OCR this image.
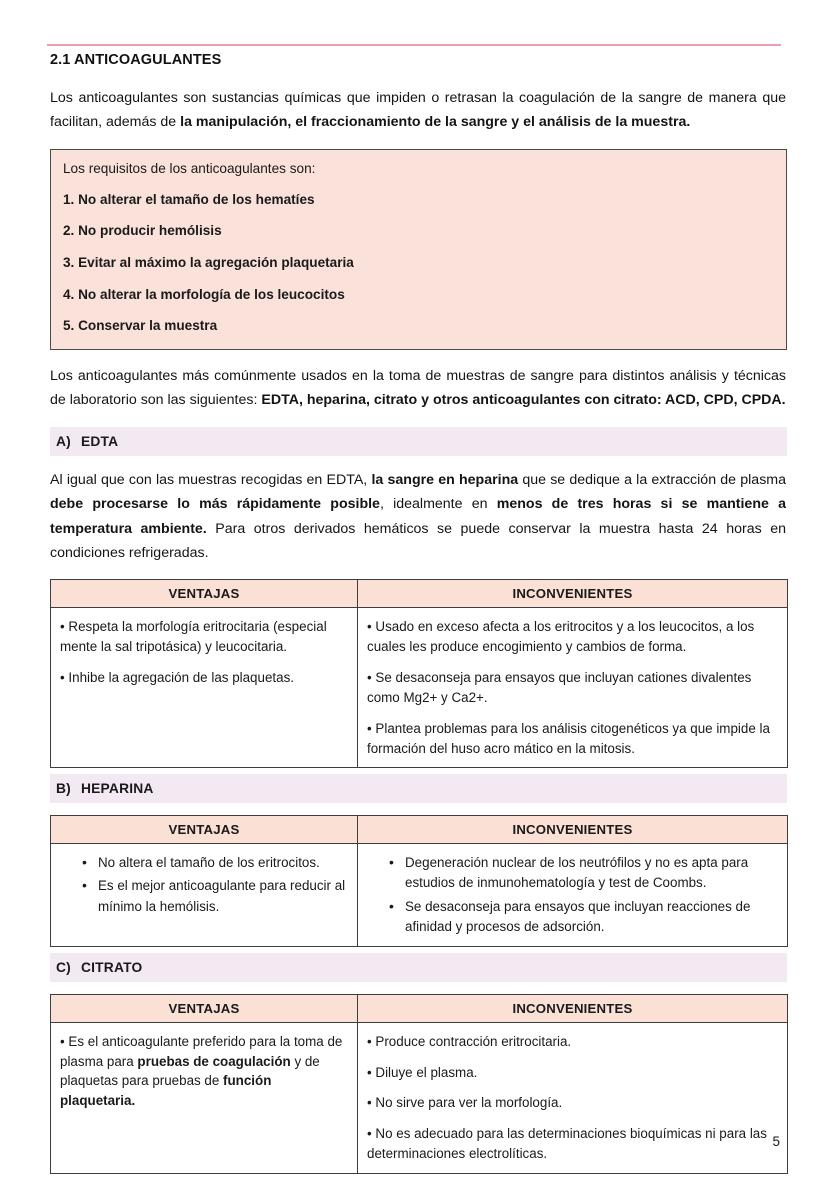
2.1 ANTICOAGULANTES

Los anticoagulantes son sustancias químicas que impiden o retrasan la coagulación de la sangre de manera que facilitan, además de la manipulación, el fraccionamiento de la sangre y el análisis de la muestra.

Los requisitos de los anticoagulantes son:

1. No alterar el tamaño de los hematíes

2. No producir hemólisis

3. Evitar al máximo la agregación plaquetaria

4. No alterar la morfología de los leucocitos

5. Conservar la muestra

Los anticoagulantes más comúnmente usados en la toma de muestras de sangre para distintos análisis y técnicas de laboratorio son las siguientes: EDTA, heparina, citrato y otros anticoagulantes con citrato: ACD, CPD, CPDA.

A) EDTA

Al igual que con las muestras recogidas en EDTA, la sangre en heparina que se dedique a la extracción de plasma debe procesarse lo más rápidamente posible, idealmente en menos de tres horas si se mantiene a temperatura ambiente. Para otros derivados hemáticos se puede conservar la muestra hasta 24 horas en condiciones refrigeradas.

VENTAJAS	INCONVENIENTES

• Respeta la morfología eritrocitaria (especial mente la sal tripotásica) y leucocitaria.
• Inhibe la agregación de las plaquetas.

• Usado en exceso afecta a los eritrocitos y a los leucocitos, a los cuales les produce encogimiento y cambios de forma.
• Se desaconseja para ensayos que incluyan cationes divalentes como Mg2+ y Ca2+.
• Plantea problemas para los análisis citogenéticos ya que impide la formación del huso acro mático en la mitosis.
B) HEPARINA
VENTAJAS	INCONVENIENTES

• No altera el tamaño de los eritrocitos.
• Es el mejor anticoagulante para reducir al mínimo la hemólisis.

• Degeneración nuclear de los neutrófilos y no es apta para estudios de inmunohematología y test de Coombs.
• Se desaconseja para ensayos que incluyan reacciones de afinidad y procesos de adsorción.
C) CITRATO
VENTAJAS	INCONVENIENTES

• Es el anticoagulante preferido para la toma de plasma para pruebas de coagulación y de plaquetas para pruebas de función plaquetaria.	• Produce contracción eritrocitaria.
• Diluye el plasma.
• No sirve para ver la morfología.
• No es adecuado para las determinaciones bioquímicas ni para las determinaciones electrolíticas.
5
